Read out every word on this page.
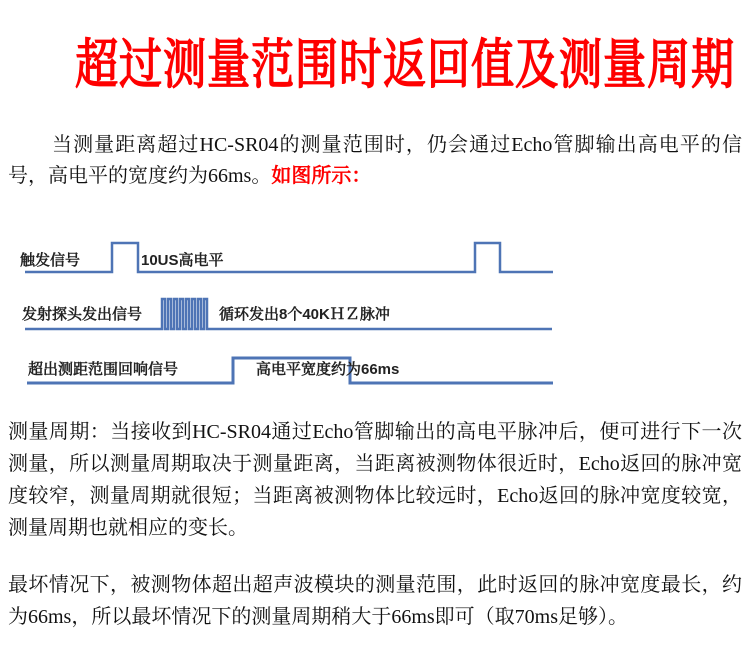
超过测量范围时返回值及测量周期

当测量距离超过HC-SR04的测量范围时，仍会通过Echo管脚输出高电平的信号，高电平的宽度约为66ms。如图所示：

触发信号	10US高电平
发射探头发出信号	循环发出8个40KＨＺ脉冲
超出测距范围回响信号	高电平宽度约为66ms

测量周期：当接收到HC-SR04通过Echo管脚输出的高电平脉冲后，便可进行下一次测量，所以测量周期取决于测量距离，当距离被测物体很近时，Echo返回的脉冲宽度较窄，测量周期就很短；当距离被测物体比较远时，Echo返回的脉冲宽度较宽，测量周期也就相应的变长。

最坏情况下，被测物体超出超声波模块的测量范围，此时返回的脉冲宽度最长，约为66ms，所以最坏情况下的测量周期稍大于66ms即可（取70ms足够）。
